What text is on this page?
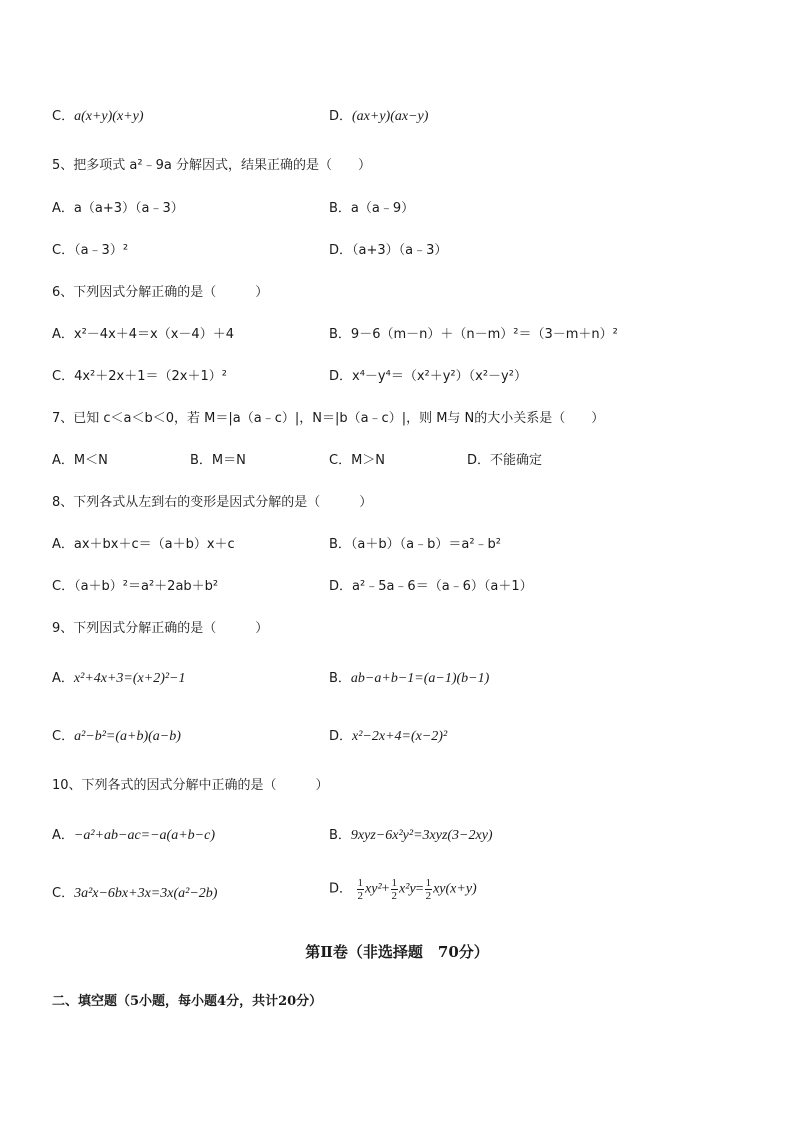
C．a(x+y)(x+y)	D．(ax+y)(ax−y)
5、把多项式 a²﹣9a 分解因式，结果正确的是（　　）
A．a（a+3）（a﹣3）	B．a（a﹣9）
C．（a﹣3）²	D．（a+3）（a﹣3）
6、下列因式分解正确的是（　　　）
A．x²－4x＋4＝x（x－4）＋4	B．9－6（m－n）＋（n－m）²＝（3－m＋n）²
C．4x²＋2x＋1＝（2x＋1）²	D．x⁴－y⁴＝（x²＋y²）（x²－y²）
7、已知 c＜a＜b＜0，若 M＝|a（a﹣c）|，N＝|b（a﹣c）|，则 M与 N的大小关系是（　　）
A．M＜N	B．M＝N	C．M＞N	D．不能确定
8、下列各式从左到右的变形是因式分解的是（　　　）
A．ax＋bx＋c＝（a＋b）x＋c	B．（a＋b）（a﹣b）＝a²﹣b²
C．（a＋b）²＝a²＋2ab＋b²	D．a²﹣5a﹣6＝（a﹣6）（a＋1）
9、下列因式分解正确的是（　　　）
A．x²+4x+3=(x+2)²−1	B．ab−a+b−1=(a−1)(b−1)
C．a²−b²=(a+b)(a−b)	D．x²−2x+4=(x−2)²
10、下列各式的因式分解中正确的是（　　　）
A．−a²+ab−ac=−a(a+b−c)	B．9xyz−6x²y²=3xyz(3−2xy)
C．3a²x−6bx+3x=3x(a²−2b)	D． $\frac{1}{2} xy^2+ \frac{1}{2} x^2y= \frac{1}{2} xy(x+y)$
第Ⅱ卷（非选择题　70分）
二、填空题（5小题，每小题4分，共计20分）
